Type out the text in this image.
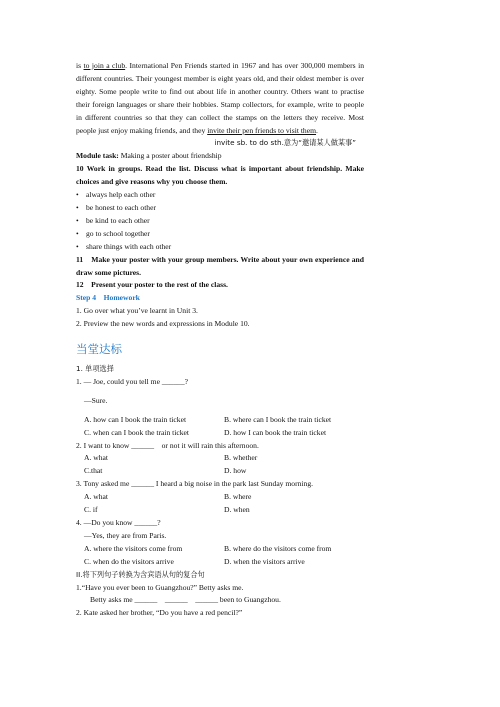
is to join a club. International Pen Friends started in 1967 and has over 300,000 members in different countries. Their youngest member is eight years old, and their oldest member is over eighty. Some people write to find out about life in another country. Others want to practise their foreign languages or share their hobbies. Stamp collectors, for example, write to people in different countries so that they can collect the stamps on the letters they receive. Most people just enjoy making friends, and they invite their pen friends to visit them.
invite sb. to do sth.意为“邀请某人做某事”
Module task: Making a poster about friendship
10 Work in groups. Read the list. Discuss what is important about friendship. Make choices and give reasons why you choose them.
• always help each other
• be honest to each other
• be kind to each other
• go to school together
• share things with each other
11　Make your poster with your group members. Write about your own experience and draw some pictures.
12　Present your poster to the rest of the class.
Step 4　Homework
1. Go over what you’ve learnt in Unit 3.
2. Preview the new words and expressions in Module 10.
当堂达标
1. 单项选择
1. — Joe, could you tell me ______?
—Sure.
A. how can I book the train ticket	B. where can I book the train ticket
C. when can I book the train ticket	D. how I can book the train ticket
2. I want to know ______　or not it will rain this afternoon.
A. what	B. whether
C.that	D. how
3. Tony asked me ______ I heard a big noise in the park last Sunday morning.
A. what	B. where
C. if	D. when
4. —Do you know ______?
—Yes, they are from Paris.
A. where the visitors come from	B. where do the visitors come from
C. when do the visitors arrive	D. when the visitors arrive
II.将下列句子转换为含宾语从句的复合句
1.“Have you ever been to Guangzhou?” Betty asks me.
Betty asks me ______　______　______ been to Guangzhou.
2. Kate asked her brother, “Do you have a red pencil?”
